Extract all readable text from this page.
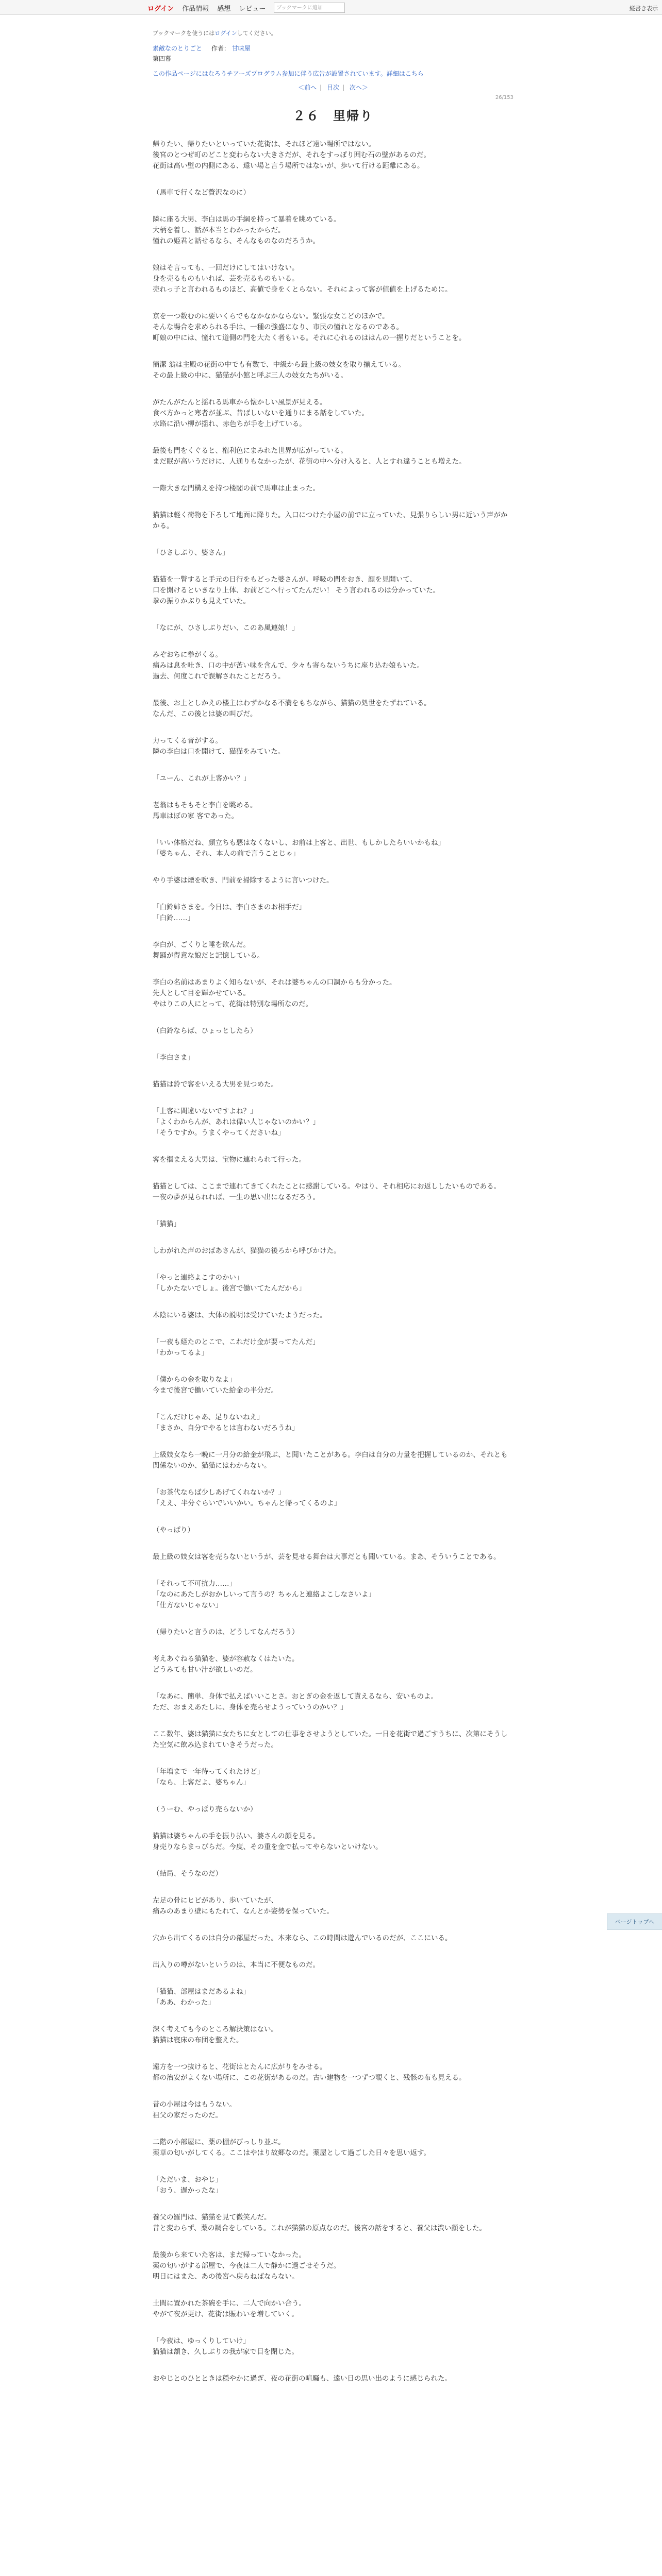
ログイン 作品情報 感想 レビュー
ブックマークに追加	縦書き表示
ブックマークを使うにはログインしてください。
素敵なのとりごと 作者： 甘味屋
第四幕
この作品ページにはなろうチアーズプログラム参加に伴う広告が設置されています。詳細はこちら
＜前へ | 目次 | 次へ＞
26/153
２６　里帰り

帰りたい、帰りたいといっていた花街は、それほど遠い場所ではない。
後宮のとつぜ町のどこと変わらない大きさだが、それをすっぽり囲む石の壁があるのだ。
花街は高い壁の内側にある、遠い場と言う場所ではないが、歩いて行ける距離にある。

（馬車で行くなど贅沢なのに）

隣に座る大男、李白は馬の手綱を持って暴着を眺めている。
大柄を着し、話が本当とわかったからだ。
憧れの姫君と話せるなら、そんなものなのだろうか。

娘はそ言っても、一回だけにしてはいけない。
身を売るものもいれば、芸を売るものもいる。
売れっ子と言われるものほど、高値で身をくとらない。それによって客が値値を上げるために。

京を一つ数むのに要いくらでもなかなかならない。緊張な女こどのほかで。
そんな場合を求められる手は、一種の強盛になり、市民の憧れとなるのである。
町娘の中には、憧れて道側の門を大たく者もいる。それに心れるのははんの一握りだということを。

簡潔 翁は主殿の花街の中でも有数で、中級から最上級の妓女を取り揃えている。
その最上級の中に、猫猫が小館と呼ぶ三人の妓女たちがいる。

がたんがたんと揺れる馬車から懐かしい風景が見える。
食べ方かっと寒者が並ぶ、昔ばしいないを通りにまる話をしていた。
水路に沿い柳が揺れ、赤色ちが手を上げている。

最後も門をくぐると、権利色にまみれた世界が広がっている。
まだ眠が高いうだけに、人通りもなかったが、花街の中へ分け入ると、人とすれ違うことも増えた。

一際大きな門構えを持つ楼閣の前で馬車は止まった。

猫猫は軽く荷物を下ろして地面に降りた。入口につけた小屋の前でに立っていた、見張りらしい男に近いう声がかかる。

「ひさしぶり、婆さん」

猫猫を一瞥すると手元の日行をもどった婆さんが。呼吸の間をおき、顔を見開いて、
口を開けるといきなり上体、お前どこへ行ってたんだい！ そう言われるのは分かっていた。
拳の振りかぶりも見えていた。

「なにが、ひさしぶりだい、このあ風連娘！」

みぞおちに拳がくる。
痛みは息を吐き、口の中が苦い味を含んで、少々も寄らないうちに座り込む娘もいた。
過去、何度これで誤解されたことだろう。

最後、お上としかえの楼主はわずかなる不満をもちながら、猫猫の処世をたずねている。
なんだ、この後とは婆の叫びだ。

力ってくる音がする。
隣の李白は口を開けて、猫猫をみていた。

「ユーん、これが上客かい？」

老翁はもそもそと李白を眺める。
馬車はぼの家 客であった。

「いい体格だね、顔立ちも悪はなくないし、お前は上客と、出世、もしかしたらいいかもね」
「婆ちゃん、それ、本人の前で言うことじゃ」

やり手婆は煙を吹き、門前を掃除するように言いつけた。

「白鈴姉さまを。今日は、李白さまのお相手だ」
「白鈴……」

李白が、ごくりと唾を飲んだ。
舞踊が得意な娘だと記憶している。

李白の名前はあまりよく知らないが、それは婆ちゃんの口調からも分かった。
先人として目を輝かせている。
やはりこの人にとって、花街は特別な場所なのだ。

（白鈴ならば、ひょっとしたら）

「李白さま」

猫猫は鈴で客をいえる大男を見つめた。

「上客に間違いないですよね？」
「よくわからんが、あれは偉い人じゃないのかい？」
「そうですか。うまくやってくださいね」

客を掴まえる大男は、宝物に連れられて行った。

猫猫としては、ここまで連れてきてくれたことに感謝している。やはり、それ相応にお返ししたいものである。
一夜の夢が見られれば、一生の思い出になるだろう。

「猫猫」

しわがれた声のおばあさんが、猫猫の後ろから呼びかけた。

「やっと連絡よこすのかい」
「しかたないでしょ。後宮で働いてたんだから」

木陰にいる婆は、大体の説明は受けていたようだった。

「一夜も経たのとこで、これだけ金が要ってたんだ」
「わかってるよ」

「僕からの金を取りなよ」
今まで後宮で働いていた給金の半分だ。

「こんだけじゃあ、足りないねえ」
「まさか、自分でやるとは言わないだろうね」

上級妓女なら一晩に一月分の給金が飛ぶ、と聞いたことがある。李白は自分の力量を把握しているのか、それとも関係ないのか、猫猫にはわからない。

「お茶代ならば少しあげてくれないか？」
「ええ、半分ぐらいでいいかい。ちゃんと帰ってくるのよ」

（やっぱり）

最上級の妓女は客を売らないというが、芸を見せる舞台は大事だとも聞いている。まあ、そういうことである。

「それって不可抗力……」
「なのにあたしがおかしいって言うの？ちゃんと連絡よこしなさいよ」
「仕方ないじゃない」

（帰りたいと言うのは、どうしてなんだろう）

考えあぐねる猫猫を、婆が容赦なくはたいた。
どうみても甘い汁が欲しいのだ。

「なあに、簡単、身体で払えばいいことさ。おとぎの金を返して貰えるなら、安いものよ。
ただ、おまえあたしに、身体を売らせようっていうのかい？」

ここ数年、婆は猫猫に女たちに女としての仕事をさせようとしていた。一日を花街で過ごすうちに、次第にそうした空気に飲み込まれていきそうだった。

「年増まで一年待ってくれたけど」
「なら、上客だよ、婆ちゃん」

（うーむ、やっぱり売らないか）

猫猫は婆ちゃんの手を振り払い、婆さんの顔を見る。
身売りならまっぴらだ。今度、その重を金で払ってやらないといけない。

（結局、そうなのだ）

左足の骨にヒビがあり、歩いていたが、
痛みのあまり壁にもたれて、なんとか姿勢を保っていた。

穴から出てくるのは自分の部屋だった。本来なら、この時間は遊んでいるのだが、ここにいる。

出入りの噂がないというのは、本当に不便なものだ。

「猫猫、部屋はまだあるよね」
「ああ、わかった」

深く考えても今のところ解決策はない。
猫猫は寝床の布団を整えた。

遠方を一つ抜けると、花街はとたんに広がりをみせる。
都の治安がよくない場所に、この花街があるのだ。古い建物を一つずつ覗くと、残骸の布も見える。

昔の小屋は今はもうない。
祖父の家だったのだ。

二階の小部屋に、薬の棚がびっしり並ぶ。
薬草の匂いがしてくる。ここはやはり故郷なのだ。薬屋として過ごした日々を思い返す。

「ただいま、おやじ」
「おう、遅かったな」

養父の羅門は、猫猫を見て微笑んだ。
昔と変わらず、薬の調合をしている。これが猫猫の原点なのだ。後宮の話をすると、養父は渋い顔をした。

最後から来ていた客は、まだ帰っていなかった。
薬の匂いがする部屋で、今夜は二人で静かに過ごせそうだ。
明日にはまた、あの後宮へ戻らねばならない。

土間に置かれた茶碗を手に、二人で向かい合う。
やがて夜が更け、花街は賑わいを増していく。

「今夜は、ゆっくりしていけ」
猫猫は頷き、久しぶりの我が家で目を閉じた。

おやじとのひとときは穏やかに過ぎ、夜の花街の喧騒も、遠い日の思い出のように感じられた。

ページトップへ
